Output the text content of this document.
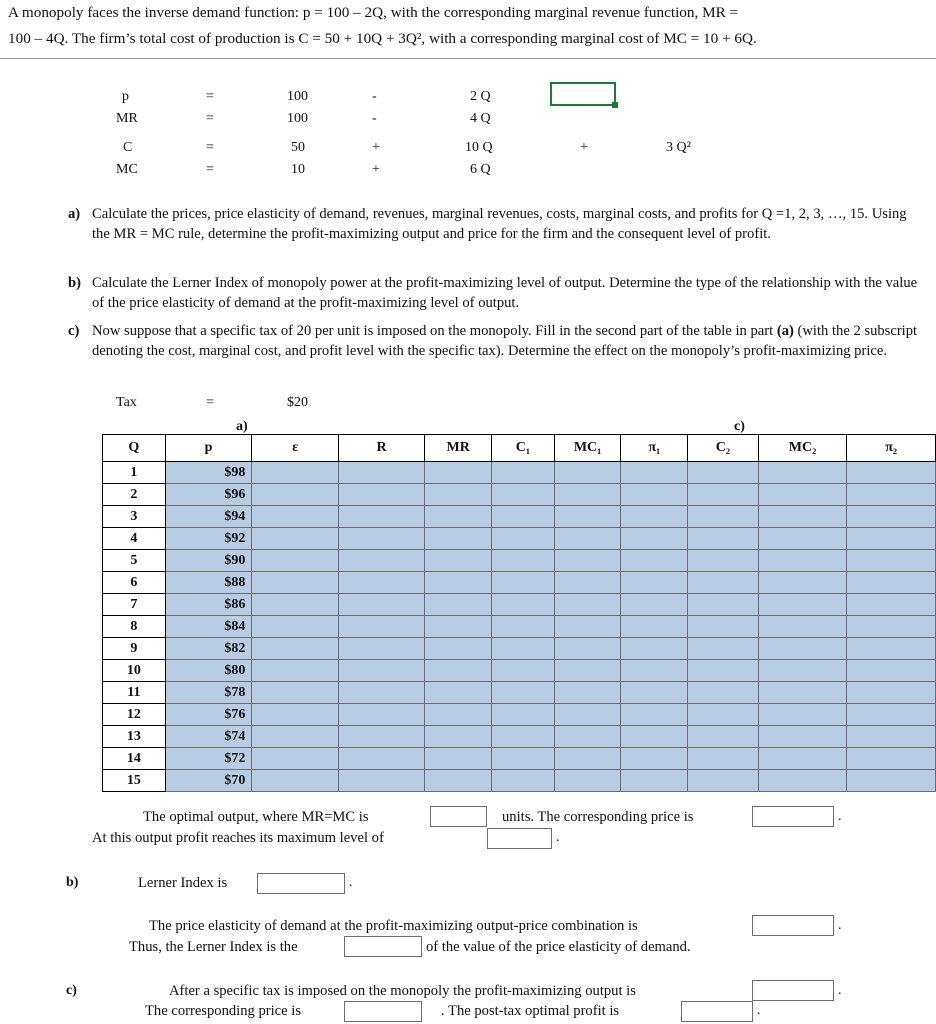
A monopoly faces the inverse demand function: p = 100 – 2Q, with the corresponding marginal revenue function, MR =

100 – 4Q. The firm’s total cost of production is C = 50 + 10Q + 3Q², with a corresponding marginal cost of MC = 10 + 6Q.

p	=	100	-	2 Q
MR	=	100	-	4 Q
C	=	50	+	10 Q	+	3 Q²
MC	=	10	+	6 Q
a) Calculate the prices, price elasticity of demand, revenues, marginal revenues, costs, marginal costs, and profits for Q =1, 2, 3, …, 15. Using the MR = MC rule, determine the profit-maximizing output and price for the firm and the consequent level of profit.
b) Calculate the Lerner Index of monopoly power at the profit-maximizing level of output. Determine the type of the relationship with the value of the price elasticity of demand at the profit-maximizing level of output.
c) Now suppose that a specific tax of 20 per unit is imposed on the monopoly. Fill in the second part of the table in part (a) (with the 2 subscript denoting the cost, marginal cost, and profit level with the specific tax). Determine the effect on the monopoly’s profit-maximizing price.
Tax	=	$20
a)	c)
Q	p	ε	R	MR	C₁	MC₁	π₁	C₂	MC₂	π₂
1	$98									
2	$96									
3	$94									
4	$92									
5	$90									
6	$88									
7	$86									
8	$84									
9	$82									
10	$80									
11	$78									
12	$76									
13	$74									
14	$72									
15	$70									
The optimal output, where MR=MC is	units. The corresponding price is	.
At this output profit reaches its maximum level of	.
b)	Lerner Index is	.
The price elasticity of demand at the profit-maximizing output-price combination is	.
Thus, the Lerner Index is the	of the value of the price elasticity of demand.
c)	After a specific tax is imposed on the monopoly the profit-maximizing output is	.
The corresponding price is	. The post-tax optimal profit is	.
